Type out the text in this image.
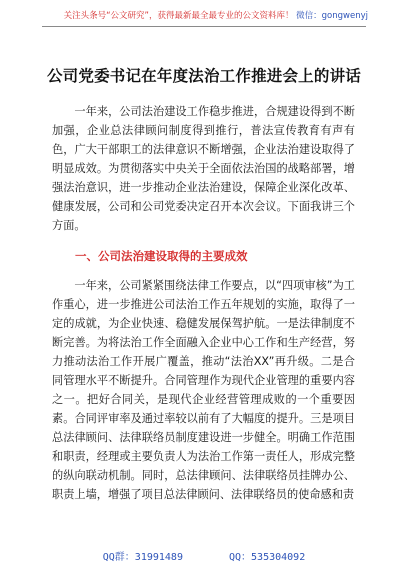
关注头条号“公文研究”，获得最新最全最专业的公文资料库！ 微信：gongwenyj
公司党委书记在年度法治工作推进会上的讲话

一年来，公司法治建设工作稳步推进，合规建设得到不断加强，企业总法律顾问制度得到推行，普法宣传教育有声有色，广大干部职工的法律意识不断增强，企业法治建设取得了明显成效。为贯彻落实中央关于全面依法治国的战略部署，增强法治意识，进一步推动企业法治建设，保障企业深化改革、健康发展，公司和公司党委决定召开本次会议。下面我讲三个方面。

一、公司法治建设取得的主要成效

一年来，公司紧紧围绕法律工作要点，以“四项审核”为工作重心，进一步推进公司法治工作五年规划的实施，取得了一定的成就，为企业快速、稳健发展保驾护航。一是法律制度不断完善。为将法治工作全面融入企业中心工作和生产经营，努力推动法治工作开展广覆盖，推动“法治XX”再升级。二是合同管理水平不断提升。合同管理作为现代企业管理的重要内容之一。把好合同关，是现代企业经营管理成败的一个重要因素。合同评审率及通过率较以前有了大幅度的提升。三是项目总法律顾问、法律联络员制度建设进一步健全。明确工作范围和职责，经理或主要负责人为法治工作第一责任人，形成完整的纵向联动机制。同时，总法律顾问、法律联络员挂牌办公、职责上墙，增强了项目总法律顾问、法律联络员的使命感和责

QQ群：31991489	QQ：535304092
